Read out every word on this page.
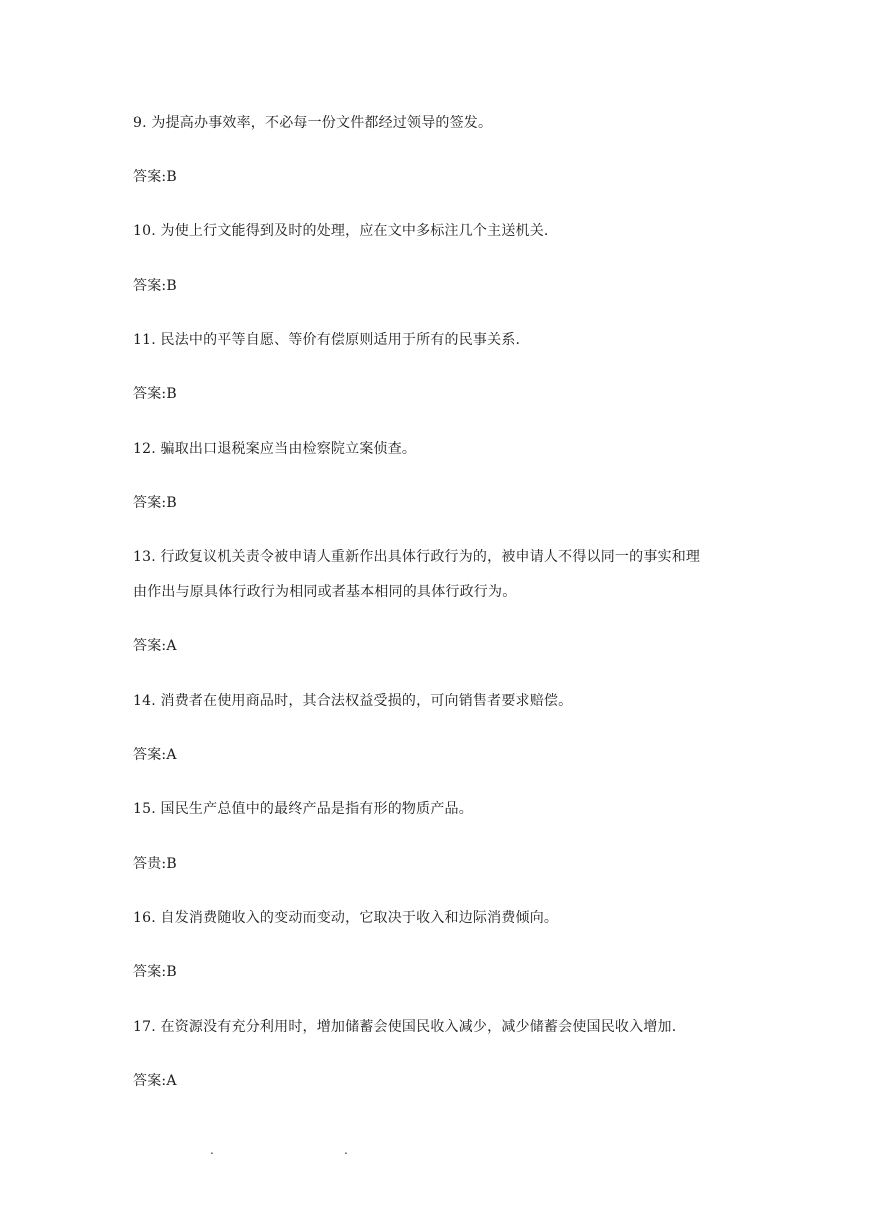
9. 为提高办事效率，不必每一份文件都经过领导的签发。
答案:B
10. 为使上行文能得到及时的处理，应在文中多标注几个主送机关.
答案:B
11. 民法中的平等自愿、等价有偿原则适用于所有的民事关系.
答案:B
12. 骗取出口退税案应当由检察院立案侦查。
答案:B
13. 行政复议机关责令被申请人重新作出具体行政行为的，被申请人不得以同一的事实和理
由作出与原具体行政行为相同或者基本相同的具体行政行为。
答案:A
14. 消费者在使用商品时，其合法权益受损的，可向销售者要求赔偿。
答案:A
15. 国民生产总值中的最终产品是指有形的物质产品。
答贵:B
16. 自发消费随收入的变动而变动，它取决于收入和边际消费倾向。
答案:B
17. 在资源没有充分利用时，增加储蓄会使国民收入减少，减少储蓄会使国民收入增加.
答案:A
.	.
